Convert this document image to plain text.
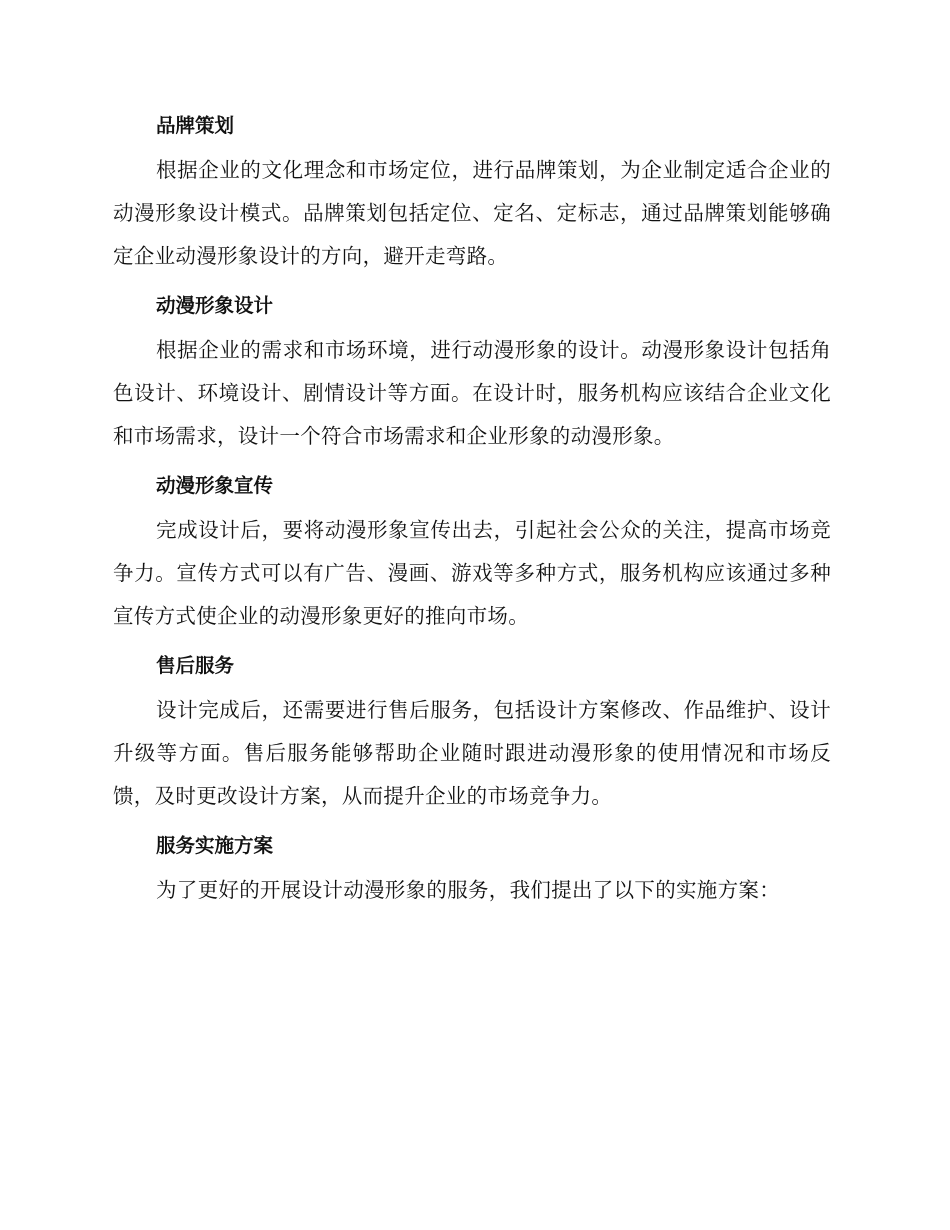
品牌策划

根据企业的文化理念和市场定位，进行品牌策划，为企业制定适合企业的动漫形象设计模式。品牌策划包括定位、定名、定标志，通过品牌策划能够确定企业动漫形象设计的方向，避开走弯路。

动漫形象设计

根据企业的需求和市场环境，进行动漫形象的设计。动漫形象设计包括角色设计、环境设计、剧情设计等方面。在设计时，服务机构应该结合企业文化和市场需求，设计一个符合市场需求和企业形象的动漫形象。

动漫形象宣传

完成设计后，要将动漫形象宣传出去，引起社会公众的关注，提高市场竞争力。宣传方式可以有广告、漫画、游戏等多种方式，服务机构应该通过多种宣传方式使企业的动漫形象更好的推向市场。

售后服务

设计完成后，还需要进行售后服务，包括设计方案修改、作品维护、设计升级等方面。售后服务能够帮助企业随时跟进动漫形象的使用情况和市场反馈，及时更改设计方案，从而提升企业的市场竞争力。

服务实施方案

为了更好的开展设计动漫形象的服务，我们提出了以下的实施方案：
